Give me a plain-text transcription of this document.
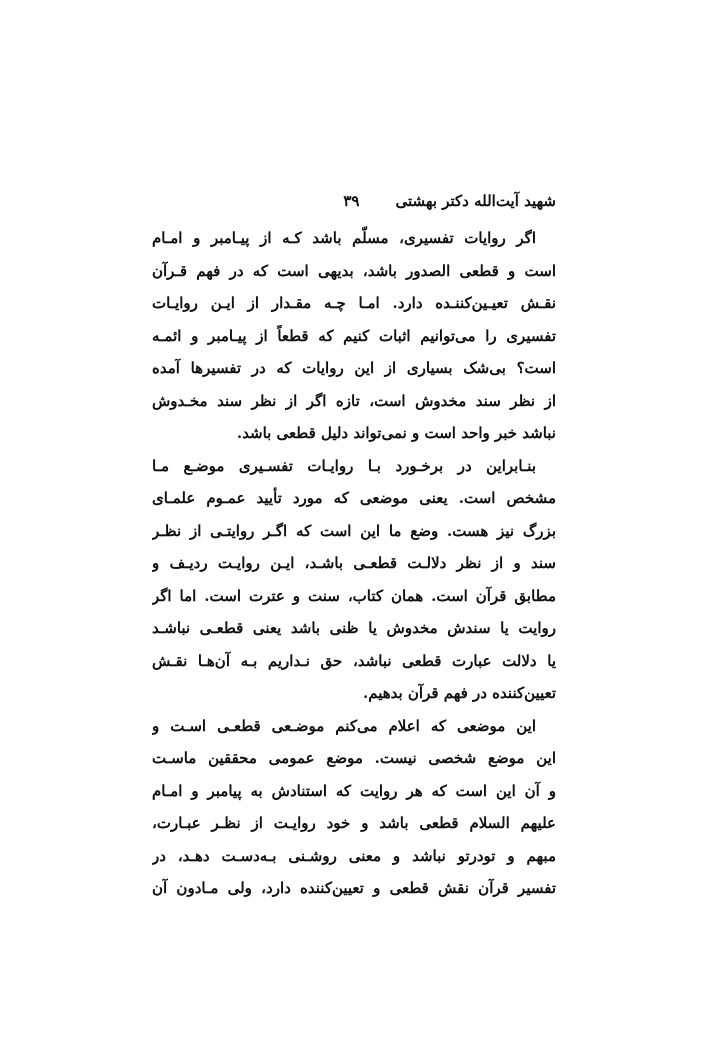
شهید آیت‌الله دکتر بهشتی
۳۹
اگر روایات تفسیری، مسلّم باشد کـه از پیـامبر و امـام
است و قطعی الصدور باشد، بدیهی است که در فهم قـرآن
نقـش تعیـین‌کننـده دارد. امـا چـه مقـدار از ایـن روایـات
تفسیری را می‌توانیم اثبات کنیم که قطعاً از پیـامبر و ائمـه
است؟ بی‌شک بسیاری از این روایات که در تفسیرها آمده
از نظر سند مخدوش است، تازه اگر از نظر سند مخـدوش
نباشد خبر واحد است و نمی‌تواند دلیل قطعی باشد.
بنـابراین در برخـورد بـا روایـات تفسـیری موضـع مـا
مشخص است. یعنی موضعی که مورد تأیید عمـوم علمـای
بزرگ نیز هست. وضع ما این است که اگـر روایتـی از نظـر
سند و از نظر دلالـت قطعـی باشـد، ایـن روایـت ردیـف و
مطابق قرآن است. همان کتاب، سنت و عترت است. اما اگر
روایت یا سندش مخدوش یا ظنی باشد یعنی قطعـی نباشـد
یا دلالت عبارت قطعی نباشد، حق نـداریم بـه آن‌هـا نقـش
تعیین‌کننده در فهم قرآن بدهیم.
این موضعی که اعلام می‌کنم موضـعی قطعـی اسـت و
این موضع شخصی نیست. موضع عمومی محققین ماسـت
و آن این است که هر روایت که استنادش به پیامبر و امـام
علیهم السلام قطعی باشد و خود روایـت از نظـر عبـارت،
مبهم و تودرتو نباشد و معنی روشـنی بـه‌دسـت دهـد، در
تفسیر قرآن نقش قطعی و تعیین‌کننده دارد، ولی مـادون آن
